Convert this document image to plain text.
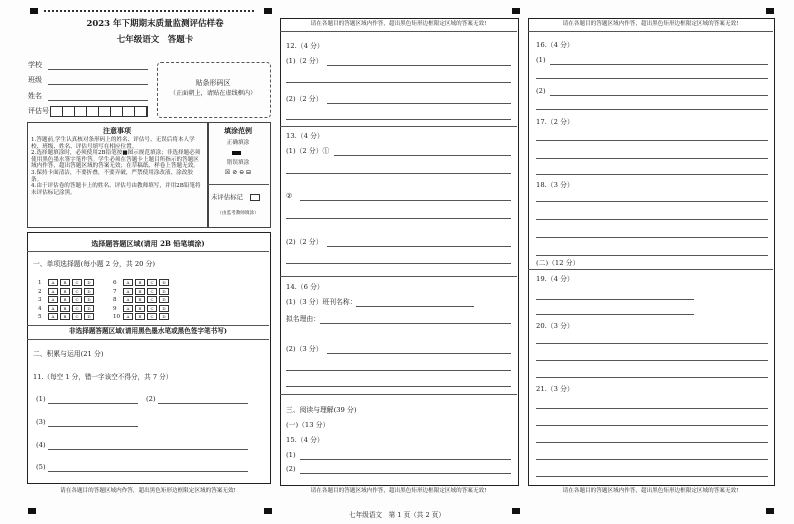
2023 年下期期末质量监测评估样卷
七年级语文　答题卡
学校
班级
姓名
评估号
贴条形码区
（正面朝上，请贴在虚线框内）
注意事项
1.答题前,学生认真核对条形码上的姓名、评估号、无误后将本人学校、班级、姓名、评估号填写在相应位置。
2.选择题填涂时，必须使用2B铅笔按■图示规范填涂；非选择题必须使用黑色墨水签字笔作答。学生必须在答题卡上题目所指示的答题区域内作答，超出答题区域的答案无效；在草稿纸、样卷上答题无效。
3.保持卡面清洁，不要折叠，不要弄破，严禁使用涂改液、涂改胶条。
4.由于评估卷的答题卡上的姓名、评估号由教师填写，并用2B铅笔将未评估标记涂黑。
填涂范例
正确填涂
错误填涂
☒ ⊘ ⊖ ⊟
未评估标记
（由监考教师填涂）
选择题答题区域(请用 2B 铅笔填涂)
一、单项选择题(每小题 2 分，共 20 分)
1 A B C D
2 A B C D
3 A B C D
4 A B C D
5 A B C D
6 A B C D
7 A B C D
8 A B C D
9 A B C D
10 A B C D
非选择题答题区域(请用黑色墨水笔或黑色签字笔书写)
二、积累与运用(21 分)
11.（每空 1 分，错一字该空不得分，共 7 分）
(1)	(2)
(3)
(4)
(5)
请在各题目的答题区域内作答，超出黑色矩形边框限定区域的答案无效!
请在各题目的答题区域内作答，超出黑色矩形边框限定区域的答案无效!
12.（4 分）
(1)（2 分）
(2)（2 分）
13.（4 分）
(1)（2 分）①
②
(2)（2 分）
14.（6 分）
(1)（3 分）班刊名称：
拟名理由：
(2)（3 分）
三、阅读与理解(39 分)
(一)（13 分）
15.（4 分）
(1)
(2)
请在各题目的答题区域内作答，超出黑色矩形边框限定区域的答案无效!
请在各题目的答题区域内作答，超出黑色矩形边框限定区域的答案无效!
16.（4 分）
(1)
(2)
17.（2 分）
18.（3 分）
(二)（12 分）
19.（4 分）
20.（3 分）
21.（3 分）
请在各题目的答题区域内作答，超出黑色矩形边框限定区域的答案无效!
七年级语文　第 1 页（共 2 页）
